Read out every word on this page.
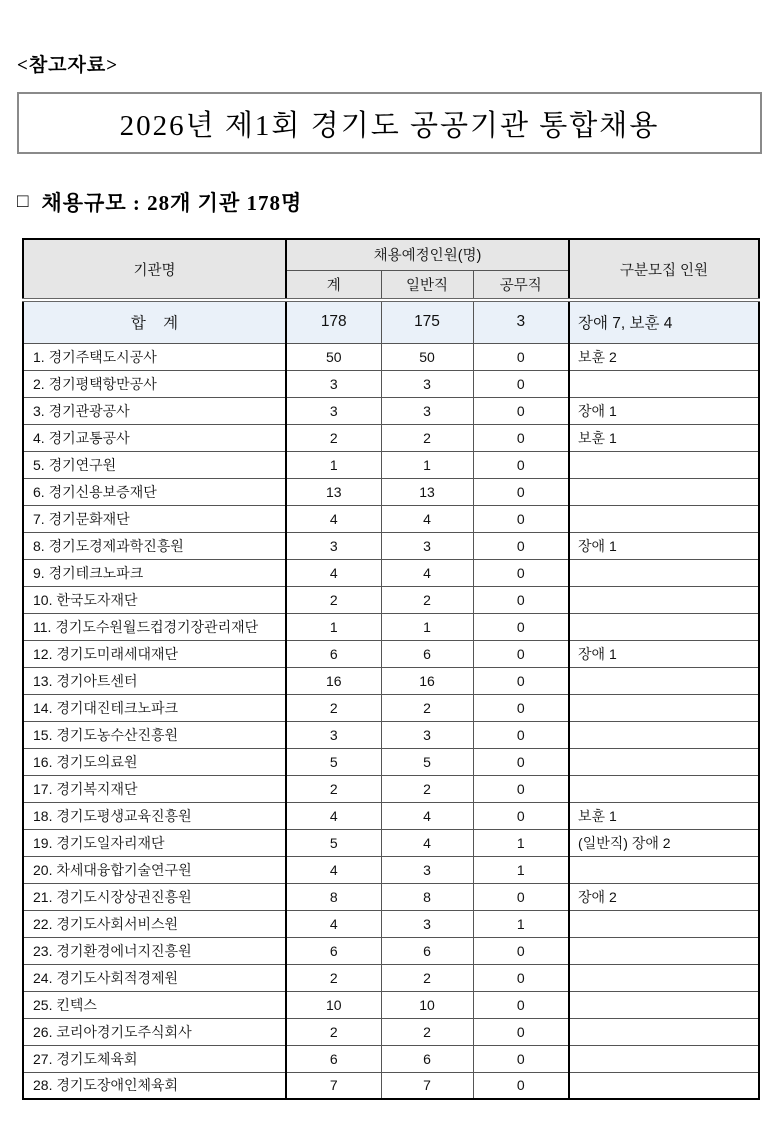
<참고자료>
2026년 제1회 경기도 공공기관 통합채용
□ 채용규모 : 28개 기관 178명
기관명	채용예정인원(명)			구분모집 인원
	계	일반직	공무직	
합    계	178	175	3	장애 7, 보훈 4
1. 경기주택도시공사	50	50	0	보훈 2
2. 경기평택항만공사	3	3	0	
3. 경기관광공사	3	3	0	장애 1
4. 경기교통공사	2	2	0	보훈 1
5. 경기연구원	1	1	0	
6. 경기신용보증재단	13	13	0	
7. 경기문화재단	4	4	0	
8. 경기도경제과학진흥원	3	3	0	장애 1
9. 경기테크노파크	4	4	0	
10. 한국도자재단	2	2	0	
11. 경기도수원월드컵경기장관리재단	1	1	0	
12. 경기도미래세대재단	6	6	0	장애 1
13. 경기아트센터	16	16	0	
14. 경기대진테크노파크	2	2	0	
15. 경기도농수산진흥원	3	3	0	
16. 경기도의료원	5	5	0	
17. 경기복지재단	2	2	0	
18. 경기도평생교육진흥원	4	4	0	보훈 1
19. 경기도일자리재단	5	4	1	(일반직) 장애 2
20. 차세대융합기술연구원	4	3	1	
21. 경기도시장상권진흥원	8	8	0	장애 2
22. 경기도사회서비스원	4	3	1	
23. 경기환경에너지진흥원	6	6	0	
24. 경기도사회적경제원	2	2	0	
25. 킨텍스	10	10	0	
26. 코리아경기도주식회사	2	2	0	
27. 경기도체육회	6	6	0	
28. 경기도장애인체육회	7	7	0	
